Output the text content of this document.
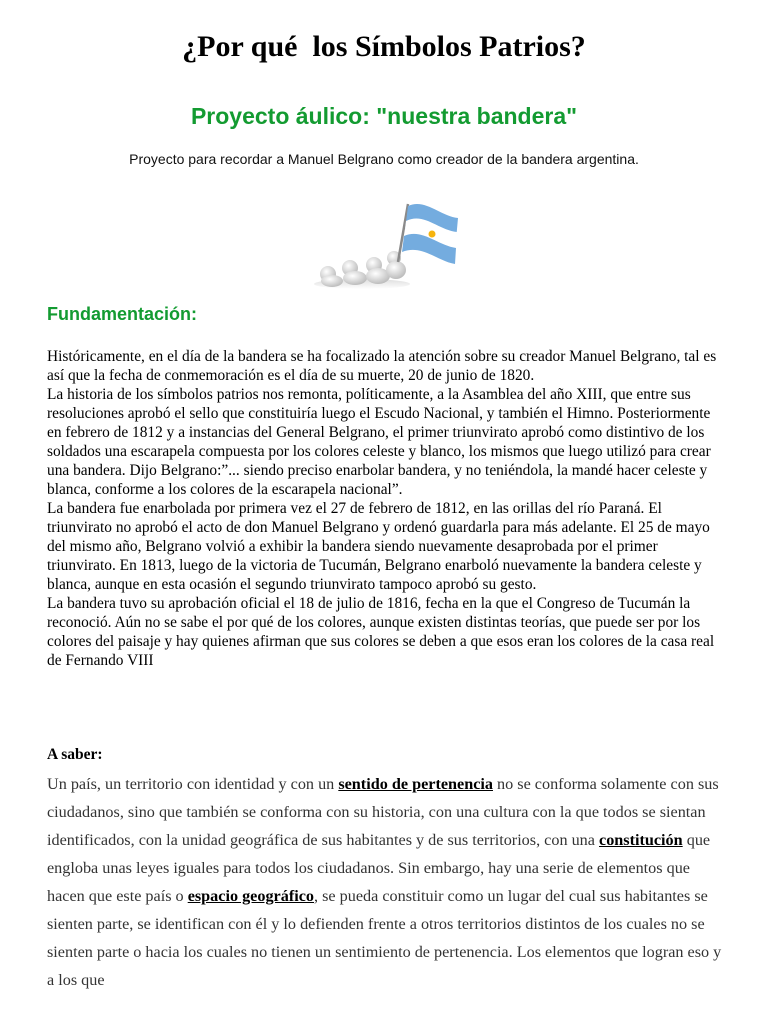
¿Por qué  los Símbolos Patrios?
Proyecto áulico: "nuestra bandera"
Proyecto para recordar a Manuel Belgrano como creador de la bandera argentina.
Fundamentación:

Históricamente, en el día de la bandera se ha focalizado la atención sobre su creador Manuel Belgrano, tal es así que la fecha de conmemoración es el día de su muerte, 20 de junio de 1820.

La historia de los símbolos patrios nos remonta, políticamente, a la Asamblea del año XIII, que entre sus resoluciones aprobó el sello que constituiría luego el Escudo Nacional, y también el Himno. Posteriormente en febrero de 1812 y a instancias del General Belgrano, el primer triunvirato aprobó como distintivo de los soldados una escarapela compuesta por los colores celeste y blanco, los mismos que luego utilizó para crear una bandera. Dijo Belgrano:”... siendo preciso enarbolar bandera, y no teniéndola, la mandé hacer celeste y blanca, conforme a los colores de la escarapela nacional”.

La bandera fue enarbolada por primera vez el 27 de febrero de 1812, en las orillas del río Paraná. El triunvirato no aprobó el acto de don Manuel Belgrano y ordenó guardarla para más adelante. El 25 de mayo del mismo año, Belgrano volvió a exhibir la bandera siendo nuevamente desaprobada por el primer triunvirato. En 1813, luego de la victoria de Tucumán, Belgrano enarboló nuevamente la bandera celeste y blanca, aunque en esta ocasión el segundo triunvirato tampoco aprobó su gesto.

La bandera tuvo su aprobación oficial el 18 de julio de 1816, fecha en la que el Congreso de Tucumán la reconoció. Aún no se sabe el por qué de los colores, aunque existen distintas teorías, que puede ser por los colores del paisaje y hay quienes afirman que sus colores se deben a que esos eran los colores de la casa real de Fernando VIII

A saber:
Un país, un territorio con identidad y con un sentido de pertenencia no se conforma solamente con sus ciudadanos, sino que también se conforma con su historia, con una cultura con la que todos se sientan identificados, con la unidad geográfica de sus habitantes y de sus territorios, con una constitución que engloba unas leyes iguales para todos los ciudadanos. Sin embargo, hay una serie de elementos que hacen que este país o espacio geográfico, se pueda constituir como un lugar del cual sus habitantes se sienten parte, se identifican con él y lo defienden frente a otros territorios distintos de los cuales no se sienten parte o hacia los cuales no tienen un sentimiento de pertenencia. Los elementos que logran eso y a los que
